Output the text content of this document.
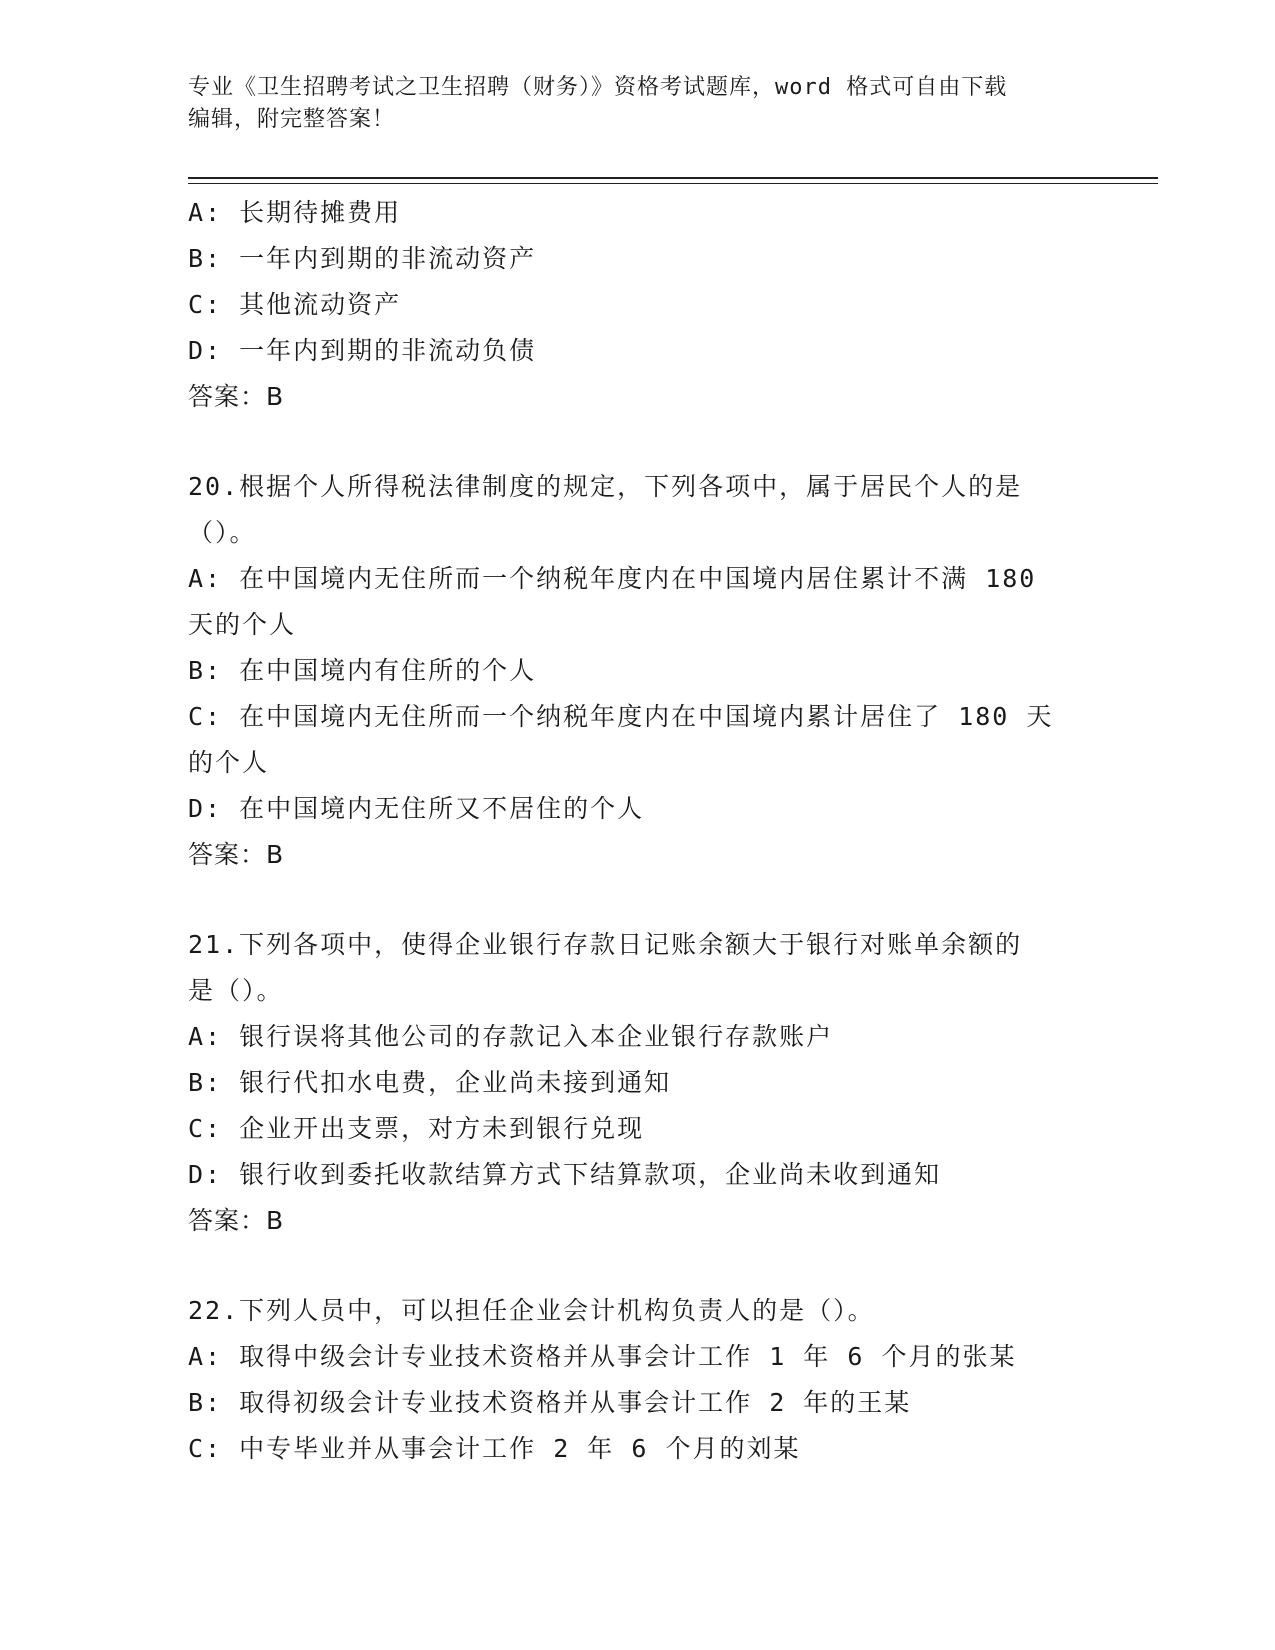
专业《卫生招聘考试之卫生招聘（财务）》资格考试题库，word 格式可自由下载
编辑，附完整答案！
A: 长期待摊费用
B: 一年内到期的非流动资产
C: 其他流动资产
D: 一年内到期的非流动负债
答案：B
20.根据个人所得税法律制度的规定，下列各项中，属于居民个人的是
（）。
A: 在中国境内无住所而一个纳税年度内在中国境内居住累计不满 180
天的个人
B: 在中国境内有住所的个人
C: 在中国境内无住所而一个纳税年度内在中国境内累计居住了 180 天
的个人
D: 在中国境内无住所又不居住的个人
答案：B
21.下列各项中，使得企业银行存款日记账余额大于银行对账单余额的
是（）。
A: 银行误将其他公司的存款记入本企业银行存款账户
B: 银行代扣水电费，企业尚未接到通知
C: 企业开出支票，对方未到银行兑现
D: 银行收到委托收款结算方式下结算款项，企业尚未收到通知
答案：B
22.下列人员中，可以担任企业会计机构负责人的是（）。
A: 取得中级会计专业技术资格并从事会计工作 1 年 6 个月的张某
B: 取得初级会计专业技术资格并从事会计工作 2 年的王某
C: 中专毕业并从事会计工作 2 年 6 个月的刘某
